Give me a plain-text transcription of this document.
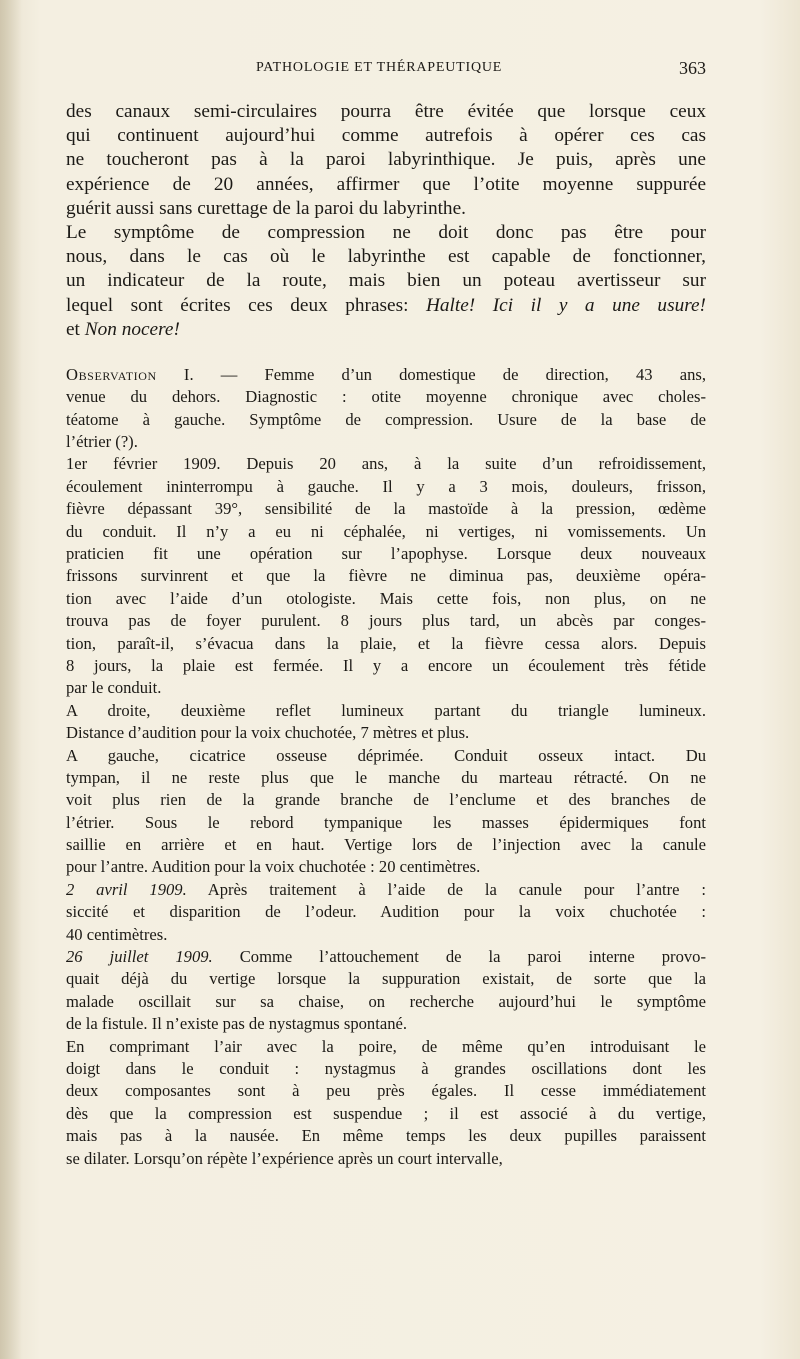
PATHOLOGIE ET THÉRAPEUTIQUE	363
des canaux semi-circulaires pourra être évitée que lorsque ceux
qui continuent aujourd’hui comme autrefois à opérer ces cas
ne toucheront pas à la paroi labyrinthique. Je puis, après une
expérience de 20 années, affirmer que l’otite moyenne suppurée
guérit aussi sans curettage de la paroi du labyrinthe.
Le symptôme de compression ne doit donc pas être pour
nous, dans le cas où le labyrinthe est capable de fonctionner,
un indicateur de la route, mais bien un poteau avertisseur sur
lequel sont écrites ces deux phrases: Halte! Ici il y a une usure!
et Non nocere!
Observation I. — Femme d’un domestique de direction, 43 ans,
venue du dehors. Diagnostic : otite moyenne chronique avec choles-
téatome à gauche. Symptôme de compression. Usure de la base de
l’étrier (?).
1er février 1909. Depuis 20 ans, à la suite d’un refroidissement,
écoulement ininterrompu à gauche. Il y a 3 mois, douleurs, frisson,
fièvre dépassant 39°, sensibilité de la mastoïde à la pression, œdème
du conduit. Il n’y a eu ni céphalée, ni vertiges, ni vomissements. Un
praticien fit une opération sur l’apophyse. Lorsque deux nouveaux
frissons survinrent et que la fièvre ne diminua pas, deuxième opéra-
tion avec l’aide d’un otologiste. Mais cette fois, non plus, on ne
trouva pas de foyer purulent. 8 jours plus tard, un abcès par conges-
tion, paraît-il, s’évacua dans la plaie, et la fièvre cessa alors. Depuis
8 jours, la plaie est fermée. Il y a encore un écoulement très fétide
par le conduit.
A droite, deuxième reflet lumineux partant du triangle lumineux.
Distance d’audition pour la voix chuchotée, 7 mètres et plus.
A gauche, cicatrice osseuse déprimée. Conduit osseux intact. Du
tympan, il ne reste plus que le manche du marteau rétracté. On ne
voit plus rien de la grande branche de l’enclume et des branches de
l’étrier. Sous le rebord tympanique les masses épidermiques font
saillie en arrière et en haut. Vertige lors de l’injection avec la canule
pour l’antre. Audition pour la voix chuchotée : 20 centimètres.
2 avril 1909. Après traitement à l’aide de la canule pour l’antre :
siccité et disparition de l’odeur. Audition pour la voix chuchotée :
40 centimètres.
26 juillet 1909. Comme l’attouchement de la paroi interne provo-
quait déjà du vertige lorsque la suppuration existait, de sorte que la
malade oscillait sur sa chaise, on recherche aujourd’hui le symptôme
de la fistule. Il n’existe pas de nystagmus spontané.
En comprimant l’air avec la poire, de même qu’en introduisant le
doigt dans le conduit : nystagmus à grandes oscillations dont les
deux composantes sont à peu près égales. Il cesse immédiatement
dès que la compression est suspendue ; il est associé à du vertige,
mais pas à la nausée. En même temps les deux pupilles paraissent
se dilater. Lorsqu’on répète l’expérience après un court intervalle,
